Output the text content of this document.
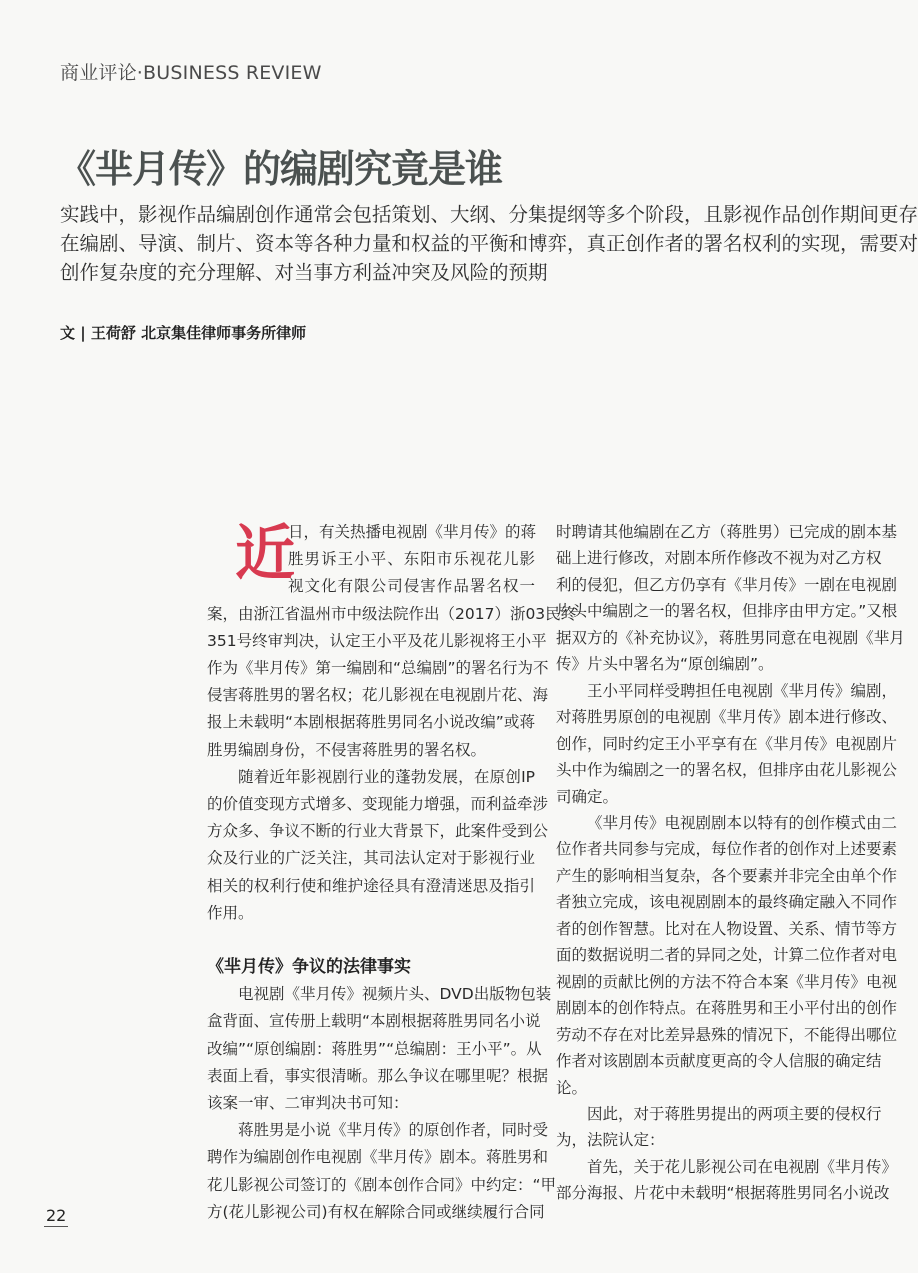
商业评论·BUSINESS REVIEW
《芈月传》的编剧究竟是谁
实践中，影视作品编剧创作通常会包括策划、大纲、分集提纲等多个阶段，且影视作品创作期间更存
在编剧、导演、制片、资本等各种力量和权益的平衡和博弈，真正创作者的署名权利的实现，需要对
创作复杂度的充分理解、对当事方利益冲突及风险的预期
文 | 王荷舒 北京集佳律师事务所律师
近
日，有关热播电视剧《芈月传》的蒋
胜男诉王小平、东阳市乐视花儿影
视文化有限公司侵害作品署名权一
案，由浙江省温州市中级法院作出（2017）浙03民终
351号终审判决，认定王小平及花儿影视将王小平
作为《芈月传》第一编剧和“总编剧”的署名行为不
侵害蒋胜男的署名权；花儿影视在电视剧片花、海
报上未载明“本剧根据蒋胜男同名小说改编”或蒋
胜男编剧身份，不侵害蒋胜男的署名权。
随着近年影视剧行业的蓬勃发展，在原创IP
的价值变现方式增多、变现能力增强，而利益牵涉
方众多、争议不断的行业大背景下，此案件受到公
众及行业的广泛关注，其司法认定对于影视行业
相关的权利行使和维护途径具有澄清迷思及指引
作用。
《芈月传》争议的法律事实
电视剧《芈月传》视频片头、DVD出版物包装
盒背面、宣传册上载明“本剧根据蒋胜男同名小说
改编”“原创编剧：蒋胜男”“总编剧：王小平”。从
表面上看，事实很清晰。那么争议在哪里呢？根据
该案一审、二审判决书可知：
蒋胜男是小说《芈月传》的原创作者，同时受
聘作为编剧创作电视剧《芈月传》剧本。蒋胜男和
花儿影视公司签订的《剧本创作合同》中约定：“甲
方(花儿影视公司)有权在解除合同或继续履行合同
时聘请其他编剧在乙方（蒋胜男）已完成的剧本基
础上进行修改，对剧本所作修改不视为对乙方权
利的侵犯，但乙方仍享有《芈月传》一剧在电视剧
片头中编剧之一的署名权，但排序由甲方定。”又根
据双方的《补充协议》，蒋胜男同意在电视剧《芈月
传》片头中署名为“原创编剧”。
王小平同样受聘担任电视剧《芈月传》编剧，
对蒋胜男原创的电视剧《芈月传》剧本进行修改、
创作，同时约定王小平享有在《芈月传》电视剧片
头中作为编剧之一的署名权，但排序由花儿影视公
司确定。
《芈月传》电视剧剧本以特有的创作模式由二
位作者共同参与完成，每位作者的创作对上述要素
产生的影响相当复杂，各个要素并非完全由单个作
者独立完成，该电视剧剧本的最终确定融入不同作
者的创作智慧。比对在人物设置、关系、情节等方
面的数据说明二者的异同之处，计算二位作者对电
视剧的贡献比例的方法不符合本案《芈月传》电视
剧剧本的创作特点。在蒋胜男和王小平付出的创作
劳动不存在对比差异悬殊的情况下，不能得出哪位
作者对该剧剧本贡献度更高的令人信服的确定结
论。
因此，对于蒋胜男提出的两项主要的侵权行
为，法院认定：
首先，关于花儿影视公司在电视剧《芈月传》
部分海报、片花中未载明“根据蒋胜男同名小说改
22
